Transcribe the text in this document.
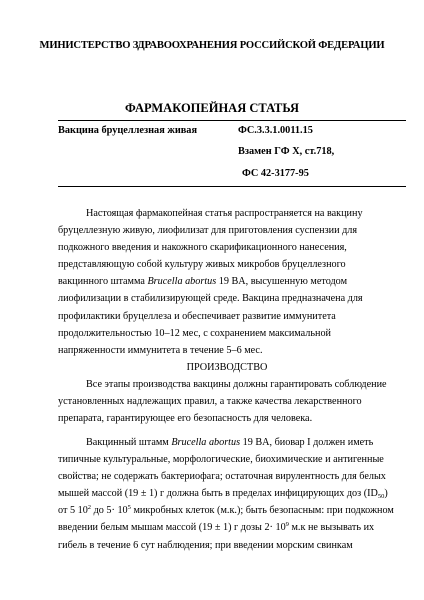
МИНИСТЕРСТВО ЗДРАВООХРАНЕНИЯ РОССИЙСКОЙ ФЕДЕРАЦИИ
ФАРМАКОПЕЙНАЯ СТАТЬЯ
Вакцина бруцеллезная живая	ФС.3.3.1.0011.15
Взамен ГФ X, ст.718,
ФС 42-3177-95

Настоящая фармакопейная статья распространяется на вакцину

бруцеллезную живую, лиофилизат для приготовления суспензии для

подкожного введения и накожного скарификационного нанесения,

представляющую собой культуру живых микробов бруцеллезного

вакцинного штамма Brucella abortus 19 BA, высушенную методом

лиофилизации в стабилизирующей среде. Вакцина предназначена для

профилактики бруцеллеза и обеспечивает развитие иммунитета

продолжительностью 10–12 мес, с сохранением максимальной

напряженности иммунитета в течение 5–6 мес.

ПРОИЗВОДСТВО

Все этапы производства вакцины должны гарантировать соблюдение

установленных надлежащих правил, а также качества лекарственного

препарата, гарантирующее его безопасность для человека.

Вакцинный штамм Brucella abortus 19 BA, биовар I должен иметь

типичные культуральные, морфологические, биохимические и антигенные

свойства; не содержать бактериофага; остаточная вирулентность для белых

мышей массой (19 ± 1) г должна быть в пределах инфицирующих доз $(ID_{50})$

от 5 $10^2$ до $5\cdot 10^5$ микробных клеток (м.к.); быть безопасным: при подкожном

введении белым мышам массой (19 ± 1) г дозы $2\cdot 10^9$ м.к не вызывать их

гибель в течение 6 сут наблюдения; при введении морским свинкам
